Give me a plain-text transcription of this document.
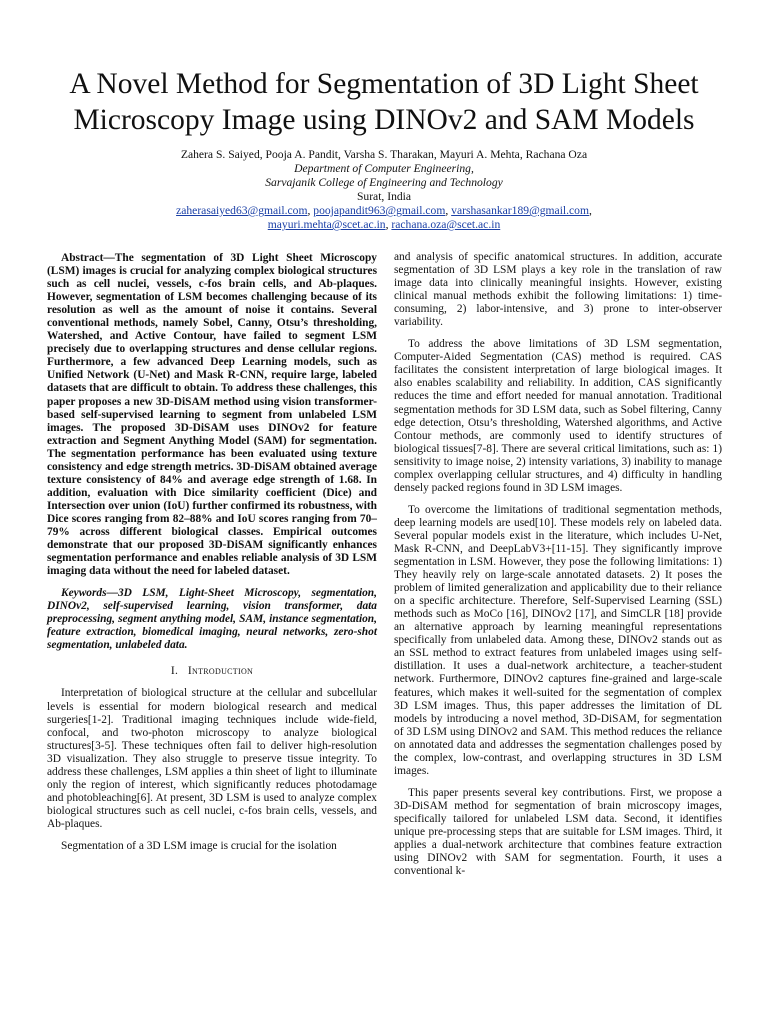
A Novel Method for Segmentation of 3D Light Sheet Microscopy Image using DINOv2 and SAM Models
Zahera S. Saiyed, Pooja A. Pandit, Varsha S. Tharakan, Mayuri A. Mehta, Rachana Oza
Department of Computer Engineering,
Sarvajanik College of Engineering and Technology
Surat, India
zaherasaiyed63@gmail.com, poojapandit963@gmail.com, varshasankar189@gmail.com,
mayuri.mehta@scet.ac.in, rachana.oza@scet.ac.in

Abstract—The segmentation of 3D Light Sheet Microscopy (LSM) images is crucial for analyzing complex biological structures such as cell nuclei, vessels, c-fos brain cells, and Ab-plaques. However, segmentation of LSM becomes challenging because of its resolution as well as the amount of noise it contains. Several conventional methods, namely Sobel, Canny, Otsu’s thresholding, Watershed, and Active Contour, have failed to segment LSM precisely due to overlapping structures and dense cellular regions. Furthermore, a few advanced Deep Learning models, such as Unified Network (U-Net) and Mask R-CNN, require large, labeled datasets that are difficult to obtain. To address these challenges, this paper proposes a new 3D-DiSAM method using vision transformer-based self-supervised learning to segment from unlabeled LSM images. The proposed 3D-DiSAM uses DINOv2 for feature extraction and Segment Anything Model (SAM) for segmentation. The segmentation performance has been evaluated using texture consistency and edge strength metrics. 3D-DiSAM obtained average texture consistency of 84% and average edge strength of 1.68. In addition, evaluation with Dice similarity coefficient (Dice) and Intersection over union (IoU) further confirmed its robustness, with Dice scores ranging from 82–88% and IoU scores ranging from 70–79% across different biological classes. Empirical outcomes demonstrate that our proposed 3D-DiSAM significantly enhances segmentation performance and enables reliable analysis of 3D LSM imaging data without the need for labeled dataset.

Keywords—3D LSM, Light-Sheet Microscopy, segmentation, DINOv2, self-supervised learning, vision transformer, data preprocessing, segment anything model, SAM, instance segmentation, feature extraction, biomedical imaging, neural networks, zero-shot segmentation, unlabeled data.

I. Introduction

Interpretation of biological structure at the cellular and subcellular levels is essential for modern biological research and medical surgeries[1-2]. Traditional imaging techniques include wide-field, confocal, and two-photon microscopy to analyze biological structures[3-5]. These techniques often fail to deliver high-resolution 3D visualization. They also struggle to preserve tissue integrity. To address these challenges, LSM applies a thin sheet of light to illuminate only the region of interest, which significantly reduces photodamage and photobleaching[6]. At present, 3D LSM is used to analyze complex biological structures such as cell nuclei, c-fos brain cells, vessels, and Ab-plaques.

Segmentation of a 3D LSM image is crucial for the isolation

and analysis of specific anatomical structures. In addition, accurate segmentation of 3D LSM plays a key role in the translation of raw image data into clinically meaningful insights. However, existing clinical manual methods exhibit the following limitations: 1) time-consuming, 2) labor-intensive, and 3) prone to inter-observer variability.

To address the above limitations of 3D LSM segmentation, Computer-Aided Segmentation (CAS) method is required. CAS facilitates the consistent interpretation of large biological images. It also enables scalability and reliability. In addition, CAS significantly reduces the time and effort needed for manual annotation. Traditional segmentation methods for 3D LSM data, such as Sobel filtering, Canny edge detection, Otsu’s thresholding, Watershed algorithms, and Active Contour methods, are commonly used to identify structures of biological tissues[7-8]. There are several critical limitations, such as: 1) sensitivity to image noise, 2) intensity variations, 3) inability to manage complex overlapping cellular structures, and 4) difficulty in handling densely packed regions found in 3D LSM images.

To overcome the limitations of traditional segmentation methods, deep learning models are used[10]. These models rely on labeled data. Several popular models exist in the literature, which includes U-Net, Mask R-CNN, and DeepLabV3+[11-15]. They significantly improve segmentation in LSM. However, they pose the following limitations: 1) They heavily rely on large-scale annotated datasets. 2) It poses the problem of limited generalization and applicability due to their reliance on a specific architecture. Therefore, Self-Supervised Learning (SSL) methods such as MoCo [16], DINOv2 [17], and SimCLR [18] provide an alternative approach by learning meaningful representations specifically from unlabeled data. Among these, DINOv2 stands out as an SSL method to extract features from unlabeled images using self-distillation. It uses a dual-network architecture, a teacher-student network. Furthermore, DINOv2 captures fine-grained and large-scale features, which makes it well-suited for the segmentation of complex 3D LSM images. Thus, this paper addresses the limitation of DL models by introducing a novel method, 3D-DiSAM, for segmentation of 3D LSM using DINOv2 and SAM. This method reduces the reliance on annotated data and addresses the segmentation challenges posed by the complex, low-contrast, and overlapping structures in 3D LSM images.

This paper presents several key contributions. First, we propose a 3D-DiSAM method for segmentation of brain microscopy images, specifically tailored for unlabeled LSM data. Second, it identifies unique pre-processing steps that are suitable for LSM images. Third, it applies a dual-network architecture that combines feature extraction using DINOv2 with SAM for segmentation. Fourth, it uses a conventional k-
